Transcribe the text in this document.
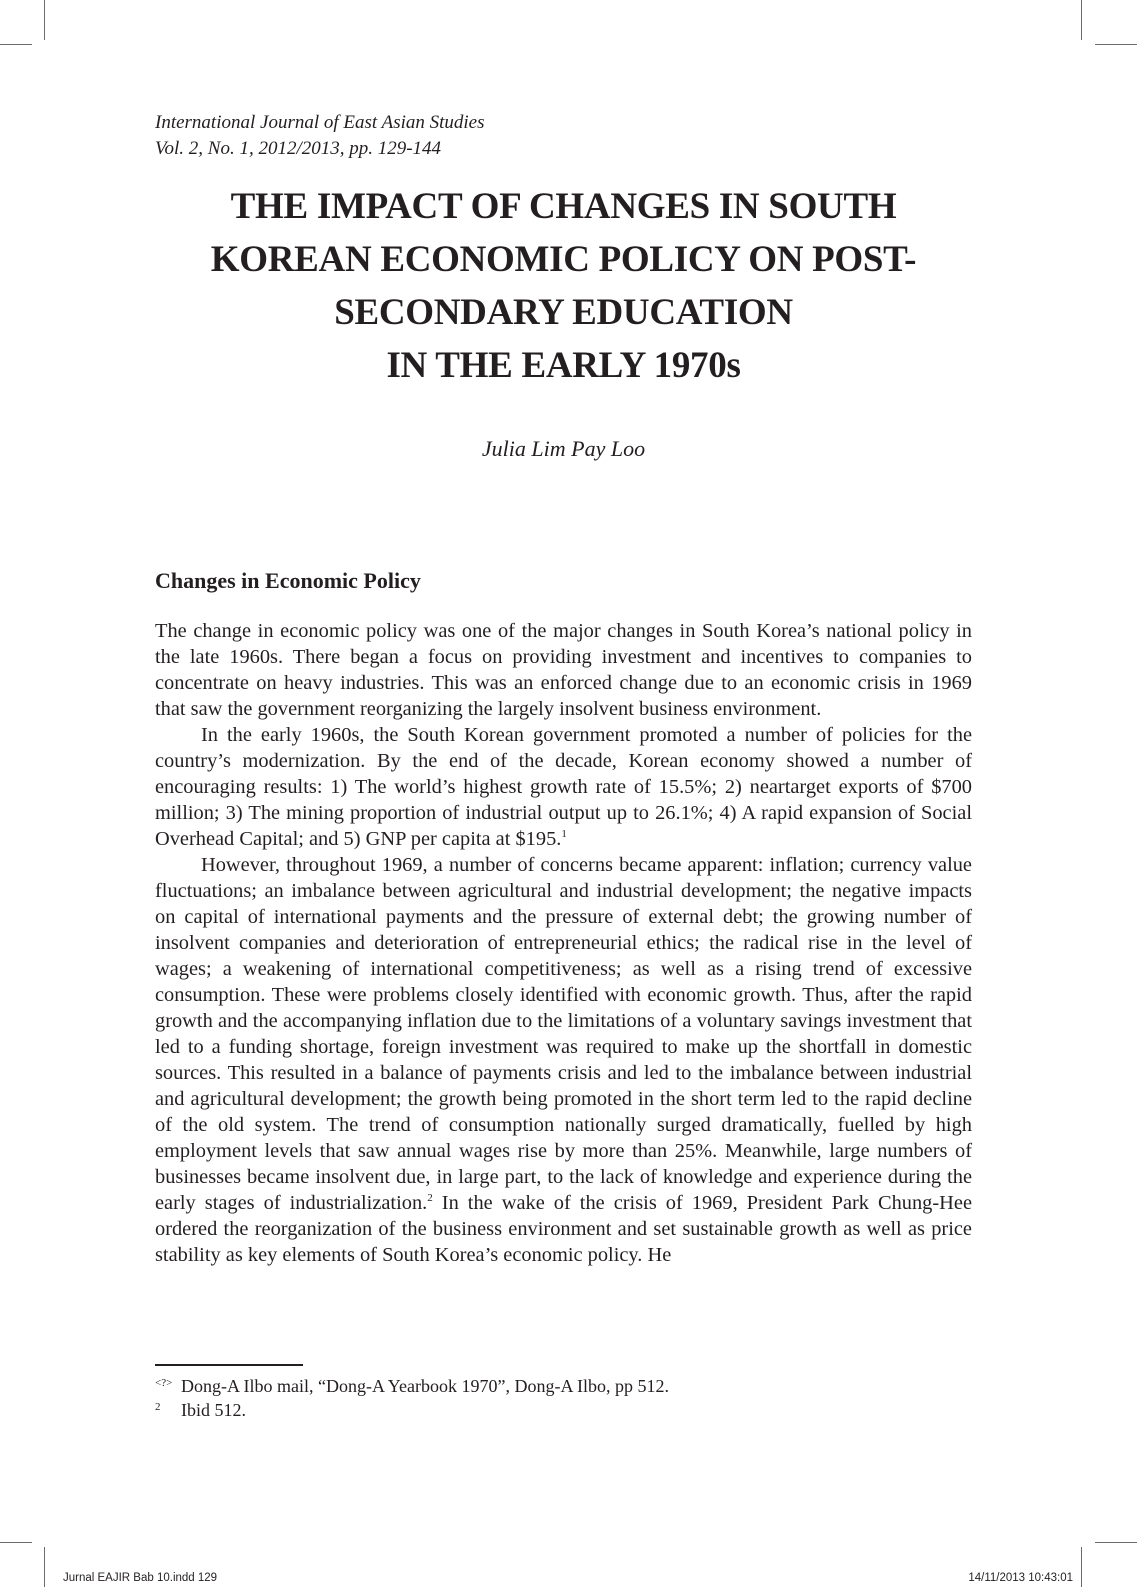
International Journal of East Asian Studies
Vol. 2, No. 1, 2012/2013, pp. 129-144
THE IMPACT OF CHANGES IN SOUTH
KOREAN ECONOMIC POLICY ON POST-
SECONDARY EDUCATION
IN THE EARLY 1970s
Julia Lim Pay Loo
Changes in Economic Policy

The change in economic policy was one of the major changes in South Korea’s national policy in the late 1960s. There began a focus on providing investment and incentives to companies to concentrate on heavy industries. This was an enforced change due to an economic crisis in 1969 that saw the government reorganizing the largely insolvent business environment.

In the early 1960s, the South Korean government promoted a number of policies for the country’s modernization. By the end of the decade, Korean economy showed a number of encouraging results: 1) The world’s highest growth rate of 15.5%; 2) neartarget exports of $700 million; 3) The mining proportion of industrial output up to 26.1%; 4) A rapid expansion of Social Overhead Capital; and 5) GNP per capita at $195.$^1$

However, throughout 1969, a number of concerns became apparent: inflation; currency value fluctuations; an imbalance between agricultural and industrial development; the negative impacts on capital of international payments and the pressure of external debt; the growing number of insolvent companies and deterioration of entrepreneurial ethics; the radical rise in the level of wages; a weakening of international competitiveness; as well as a rising trend of excessive consumption. These were problems closely identified with economic growth. Thus, after the rapid growth and the accompanying inflation due to the limitations of a voluntary savings investment that led to a funding shortage, foreign investment was required to make up the shortfall in domestic sources. This resulted in a balance of payments crisis and led to the imbalance between industrial and agricultural development; the growth being promoted in the short term led to the rapid decline of the old system. The trend of consumption nationally surged dramatically, fuelled by high employment levels that saw annual wages rise by more than 25%. Meanwhile, large numbers of businesses became insolvent due, in large part, to the lack of knowledge and experience during the early stages of industrialization.$^2$ In the wake of the crisis of 1969, President Park Chung-Hee ordered the reorganization of the business environment and set sustainable growth as well as price stability as key elements of South Korea’s economic policy. He

<?> Dong-A Ilbo mail, “Dong-A Yearbook 1970”, Dong-A Ilbo, pp 512.
2	Ibid 512.
Jurnal EAJIR Bab 10.indd 129	14/11/2013 10:43:01
